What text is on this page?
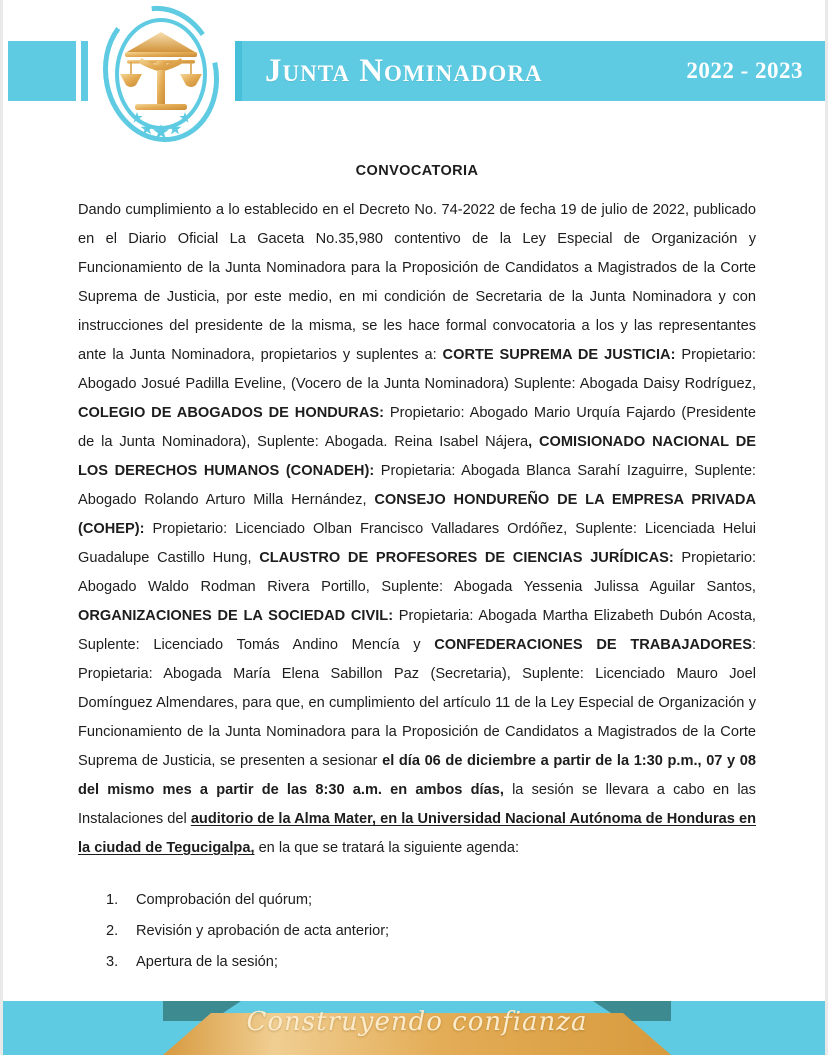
Junta Nominadora	2022 - 2023
CONVOCATORIA

Dando cumplimiento a lo establecido en el Decreto No. 74-2022 de fecha 19 de julio de 2022, publicado en el Diario Oficial La Gaceta No.35,980 contentivo de la Ley Especial de Organización y Funcionamiento de la Junta Nominadora para la Proposición de Candidatos a Magistrados de la Corte Suprema de Justicia, por este medio, en mi condición de Secretaria de la Junta Nominadora y con instrucciones del presidente de la misma, se les hace formal convocatoria a los y las representantes ante la Junta Nominadora, propietarios y suplentes a: CORTE SUPREMA DE JUSTICIA: Propietario: Abogado Josué Padilla Eveline, (Vocero de la Junta Nominadora) Suplente: Abogada Daisy Rodríguez, COLEGIO DE ABOGADOS DE HONDURAS: Propietario: Abogado Mario Urquía Fajardo (Presidente de la Junta Nominadora), Suplente: Abogada. Reina Isabel Nájera, COMISIONADO NACIONAL DE LOS DERECHOS HUMANOS (CONADEH): Propietaria: Abogada Blanca Sarahí Izaguirre, Suplente: Abogado Rolando Arturo Milla Hernández, CONSEJO HONDUREÑO DE LA EMPRESA PRIVADA (COHEP): Propietario: Licenciado Olban Francisco Valladares Ordóñez, Suplente: Licenciada Helui Guadalupe Castillo Hung, CLAUSTRO DE PROFESORES DE CIENCIAS JURÍDICAS: Propietario: Abogado Waldo Rodman Rivera Portillo, Suplente: Abogada Yessenia Julissa Aguilar Santos, ORGANIZACIONES DE LA SOCIEDAD CIVIL: Propietaria: Abogada Martha Elizabeth Dubón Acosta, Suplente: Licenciado Tomás Andino Mencía y CONFEDERACIONES DE TRABAJADORES: Propietaria: Abogada María Elena Sabillon Paz (Secretaria), Suplente: Licenciado Mauro Joel Domínguez Almendares, para que, en cumplimiento del artículo 11 de la Ley Especial de Organización y Funcionamiento de la Junta Nominadora para la Proposición de Candidatos a Magistrados de la Corte Suprema de Justicia, se presenten a sesionar el día 06 de diciembre a partir de la 1:30 p.m., 07 y 08 del mismo mes a partir de las 8:30 a.m. en ambos días, la sesión se llevara a cabo en las Instalaciones del auditorio de la Alma Mater, en la Universidad Nacional Autónoma de Honduras en la ciudad de Tegucigalpa, en la que se tratará la siguiente agenda:

Comprobación del quórum;
Revisión y aprobación de acta anterior;
Apertura de la sesión;
Construyendo confianza
